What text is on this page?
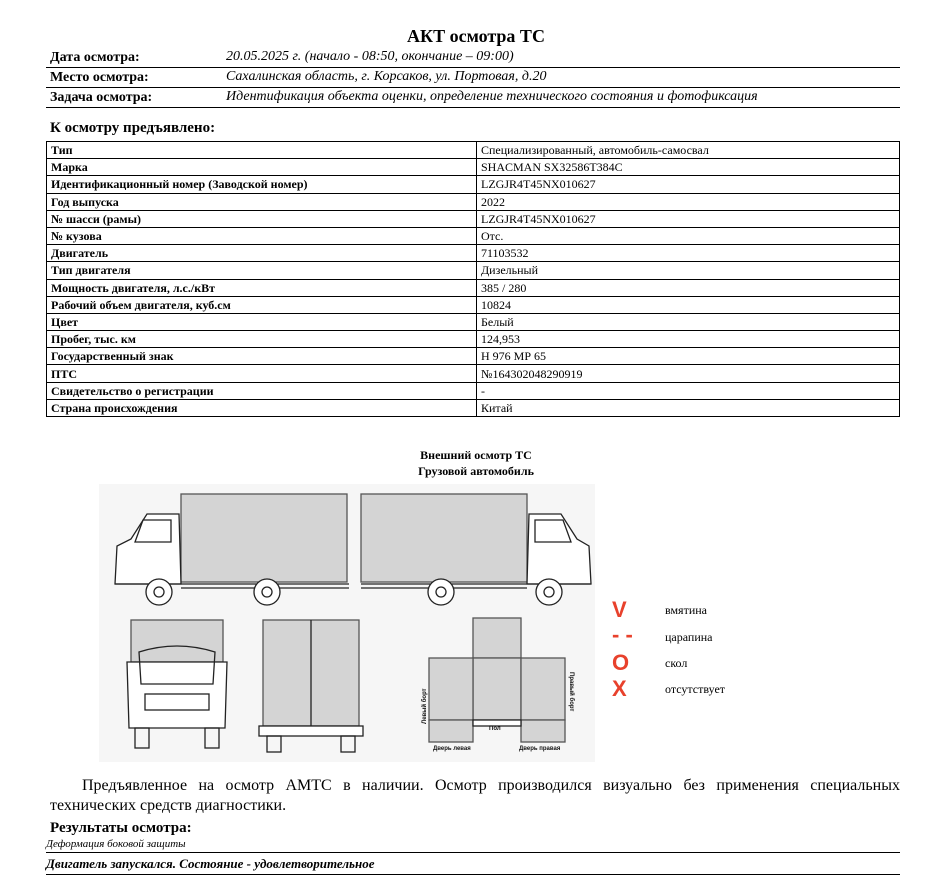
АКТ осмотра ТС
Дата осмотра:	20.05.2025 г. (начало - 08:50, окончание – 09:00)
Место осмотра:	Сахалинская область, г. Корсаков, ул. Портовая, д.20
Задача осмотра:	Идентификация объекта оценки, определение технического состояния и фотофиксация
К осмотру предъявлено:
Тип	Специализированный, автомобиль-самосвал
Марка	SHACMAN SX32586T384C
Идентификационный номер (Заводской номер)	LZGJR4T45NX010627
Год выпуска	2022
№ шасси (рамы)	LZGJR4T45NX010627
№ кузова	Отс.
Двигатель	71103532
Тип двигателя	Дизельный
Мощность двигателя, л.с./кВт	385 / 280
Рабочий объем двигателя, куб.см	10824
Цвет	Белый
Пробег, тыс. км	124,953
Государственный знак	Н 976 МР 65
ПТС	№164302048290919
Свидетельство о регистрации	-
Страна происхождения	Китай
Внешний осмотр ТС
Грузовой автомобиль
Левый борт	Правый борт
Пол
Дверь левая	Дверь правая
V	вмятина
- -	царапина
O	скол
X	отсутствует
Предъявленное на осмотр АМТС в наличии. Осмотр производился визуально без применения специальных технических средств диагностики.
Результаты осмотра:
Деформация боковой защиты
Двигатель запускался. Состояние - удовлетворительное
